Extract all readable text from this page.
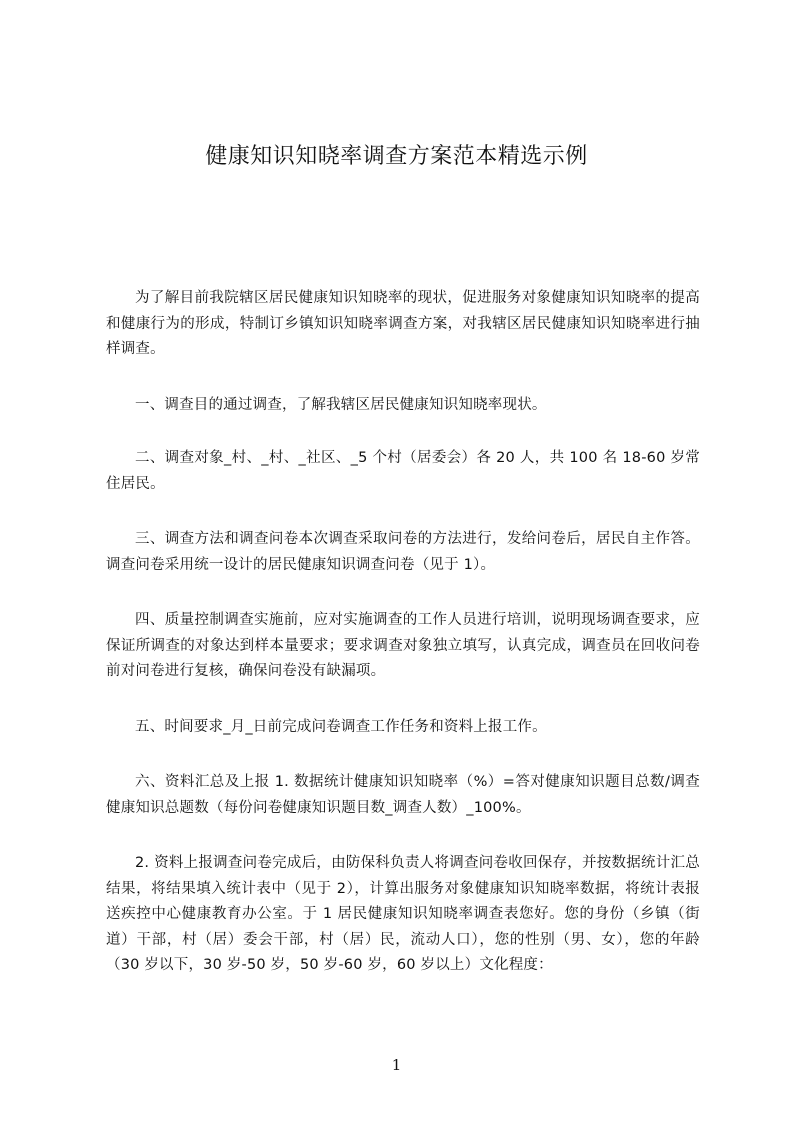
健康知识知晓率调查方案范本精选示例

为了解目前我院辖区居民健康知识知晓率的现状，促进服务对象健康知识知晓率的提高和健康行为的形成，特制订乡镇知识知晓率调查方案，对我辖区居民健康知识知晓率进行抽样调查。

一、调查目的通过调查，了解我辖区居民健康知识知晓率现状。

二、调查对象_村、_村、_社区、_5 个村（居委会）各 20 人，共 100 名 18-60 岁常住居民。

三、调查方法和调查问卷本次调查采取问卷的方法进行，发给问卷后，居民自主作答。调查问卷采用统一设计的居民健康知识调查问卷（见于 1）。

四、质量控制调查实施前，应对实施调查的工作人员进行培训，说明现场调查要求，应保证所调查的对象达到样本量要求；要求调查对象独立填写，认真完成，调查员在回收问卷前对问卷进行复核，确保问卷没有缺漏项。

五、时间要求_月_日前完成问卷调查工作任务和资料上报工作。

六、资料汇总及上报 1. 数据统计健康知识知晓率（%）=答对健康知识题目总数/调查健康知识总题数（每份问卷健康知识题目数_调查人数）_100%。

2. 资料上报调查问卷完成后，由防保科负责人将调查问卷收回保存，并按数据统计汇总结果，将结果填入统计表中（见于 2），计算出服务对象健康知识知晓率数据，将统计表报送疾控中心健康教育办公室。于 1 居民健康知识知晓率调查表您好。您的身份（乡镇（街道）干部，村（居）委会干部，村（居）民，流动人口），您的性别（男、女），您的年龄（30 岁以下，30 岁-50 岁，50 岁-60 岁，60 岁以上）文化程度：

1
